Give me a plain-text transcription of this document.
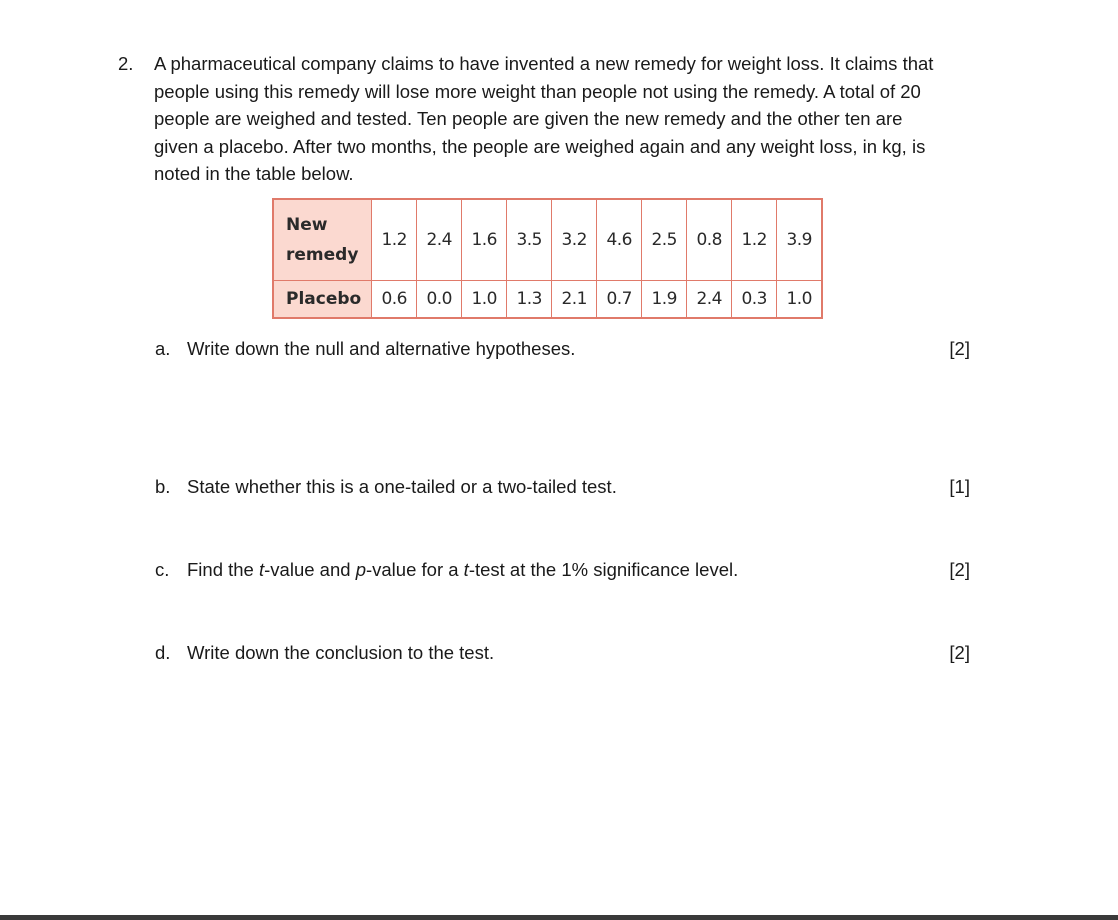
2. A pharmaceutical company claims to have invented a new remedy for weight loss. It claims that
people using this remedy will lose more weight than people not using the remedy. A total of 20
people are weighed and tested. Ten people are given the new remedy and the other ten are
given a placebo. After two months, the people are weighed again and any weight loss, in kg, is
noted in the table below.
New
remedy	1.2	2.4	1.6	3.5	3.2	4.6	2.5	0.8	1.2	3.9
Placebo	0.6	0.0	1.0	1.3	2.1	0.7	1.9	2.4	0.3	1.0
a. Write down the null and alternative hypotheses.	[2]
b. State whether this is a one-tailed or a two-tailed test.	[1]
c. Find the t-value and p-value for a t-test at the 1% significance level.	[2]
d. Write down the conclusion to the test.	[2]
